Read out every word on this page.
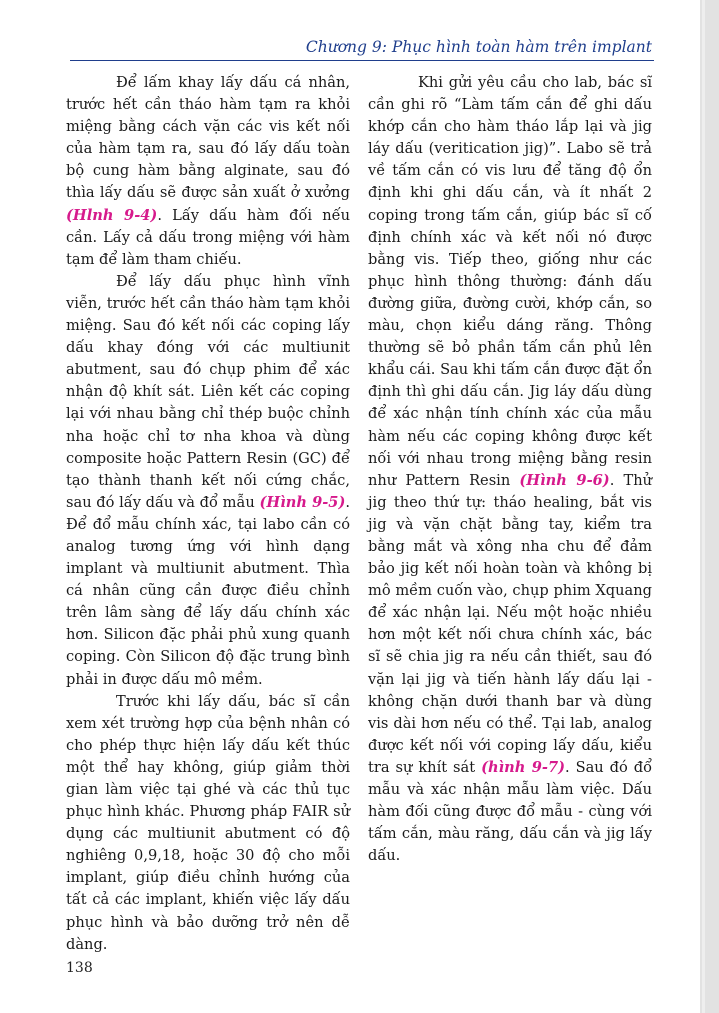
Chương 9: Phục hình toàn hàm trên implant

Để lấm khay lấy dấu cá nhân, trước hết cần tháo hàm tạm ra khỏi miệng bằng cách vặn các vis kết nối của hàm tạm ra, sau đó lấy dấu toàn bộ cung hàm bằng alginate, sau đó thìa lấy dấu sẽ được sản xuất ở xưởng (Hlnh 9-4). Lấy dấu hàm đối nếu cần. Lấy cả dấu trong miệng với hàm tạm để làm tham chiếu.

Để lấy dấu phục hình vĩnh viễn, trước hết cần tháo hàm tạm khỏi miệng. Sau đó kết nối các coping lấy dấu khay đóng với các multiunit abutment, sau đó chụp phim để xác nhận độ khít sát. Liên kết các coping lại với nhau bằng chỉ thép buộc chỉnh nha hoặc chỉ tơ nha khoa và dùng composite hoặc Pattern Resin (GC) để tạo thành thanh kết nối cứng chắc, sau đó lấy dấu và đổ mẫu (Hình 9-5). Để đổ mẫu chính xác, tại labo cần có analog tương ứng với hình dạng implant và multiunit abutment. Thìa cá nhân cũng cần được điều chỉnh trên lâm sàng để lấy dấu chính xác hơn. Silicon đặc phải phủ xung quanh coping. Còn Silicon độ đặc trung bình phải in được dấu mô mềm.

Trước khi lấy dấu, bác sĩ cần xem xét trường hợp của bệnh nhân có cho phép thực hiện lấy dấu kết thúc một thể hay không, giúp giảm thời gian làm việc tại ghé và các thủ tục phục hình khác. Phương pháp FAIR sử dụng các multiunit abutment có độ nghiêng 0,9,18, hoặc 30 độ cho mỗi implant, giúp điều chỉnh hướng của tất cả các implant, khiến việc lấy dấu phục hình và bảo dưỡng trở nên dễ dàng.

Khi gửi yêu cầu cho lab, bác sĩ cần ghi rõ “Làm tấm cắn để ghi dấu khớp cắn cho hàm tháo lắp lại và jig láy dấu (veritication jig)”. Labo sẽ trả về tấm cắn có vis lưu để tăng độ ổn định khi ghi dấu cắn, và ít nhất 2 coping trong tấm cắn, giúp bác sĩ cố định chính xác và kết nối nó được bằng vis. Tiếp theo, giống như các phục hình thông thường: đánh dấu đường giữa, đường cười, khớp cắn, so màu, chọn kiểu dáng răng. Thông thường sẽ bỏ phần tấm cắn phủ lên khẩu cái. Sau khi tấm cắn được đặt ổn định thì ghi dấu cắn. Jig láy dấu dùng để xác nhận tính chính xác của mẫu hàm nếu các coping không được kết nối với nhau trong miệng bằng resin như Pattern Resin (Hình 9-6). Thử jig theo thứ tự: tháo healing, bắt vis jig và vặn chặt bằng tay, kiểm tra bằng mắt và xông nha chu để đảm bảo jig kết nối hoàn toàn và không bị mô mềm cuốn vào, chụp phim Xquang để xác nhận lại. Nếu một hoặc nhiều hơn một kết nối chưa chính xác, bác sĩ sẽ chia jig ra nếu cần thiết, sau đó vặn lại jig và tiến hành lấy dấu lại - không chặn dưới thanh bar và dùng vis dài hơn nếu có thể. Tại lab, analog được kết nối với coping lấy dấu, kiểu tra sự khít sát (hình 9-7). Sau đó đổ mẫu và xác nhận mẫu làm việc. Dấu hàm đối cũng được đổ mẫu - cùng với tấm cắn, màu răng, dấu cắn và jig lấy dấu.

138
